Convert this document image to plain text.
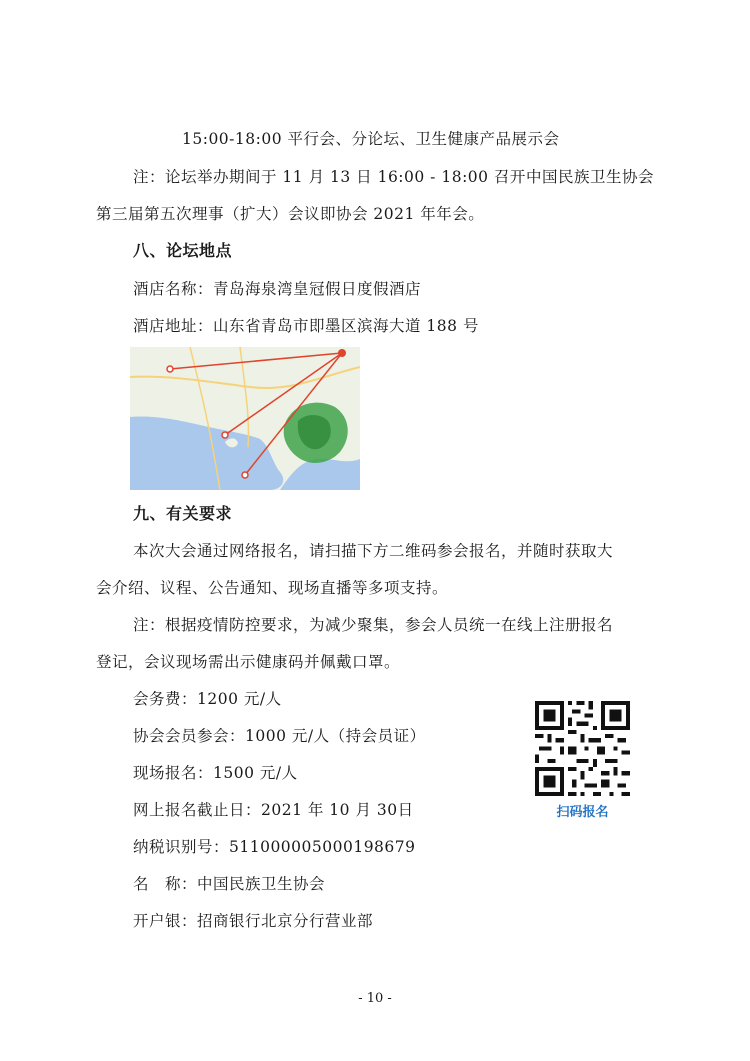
15:00-18:00 平行会、分论坛、卫生健康产品展示会
注：论坛举办期间于 11 月 13 日 16:00 - 18:00 召开中国民族卫生协会
第三届第五次理事（扩大）会议即协会 2021 年年会。
八、论坛地点
酒店名称：青岛海泉湾皇冠假日度假酒店
酒店地址：山东省青岛市即墨区滨海大道 188 号
九、有关要求
本次大会通过网络报名，请扫描下方二维码参会报名，并随时获取大
会介绍、议程、公告通知、现场直播等多项支持。
注：根据疫情防控要求，为减少聚集，参会人员统一在线上注册报名
登记，会议现场需出示健康码并佩戴口罩。
会务费：1200 元/人
协会会员参会：1000 元/人（持会员证）
现场报名：1500 元/人
网上报名截止日：2021 年 10 月 30日
纳税识别号：511000005000198679
名　称：中国民族卫生协会
开户银：招商银行北京分行营业部
扫码报名
- 10 -
